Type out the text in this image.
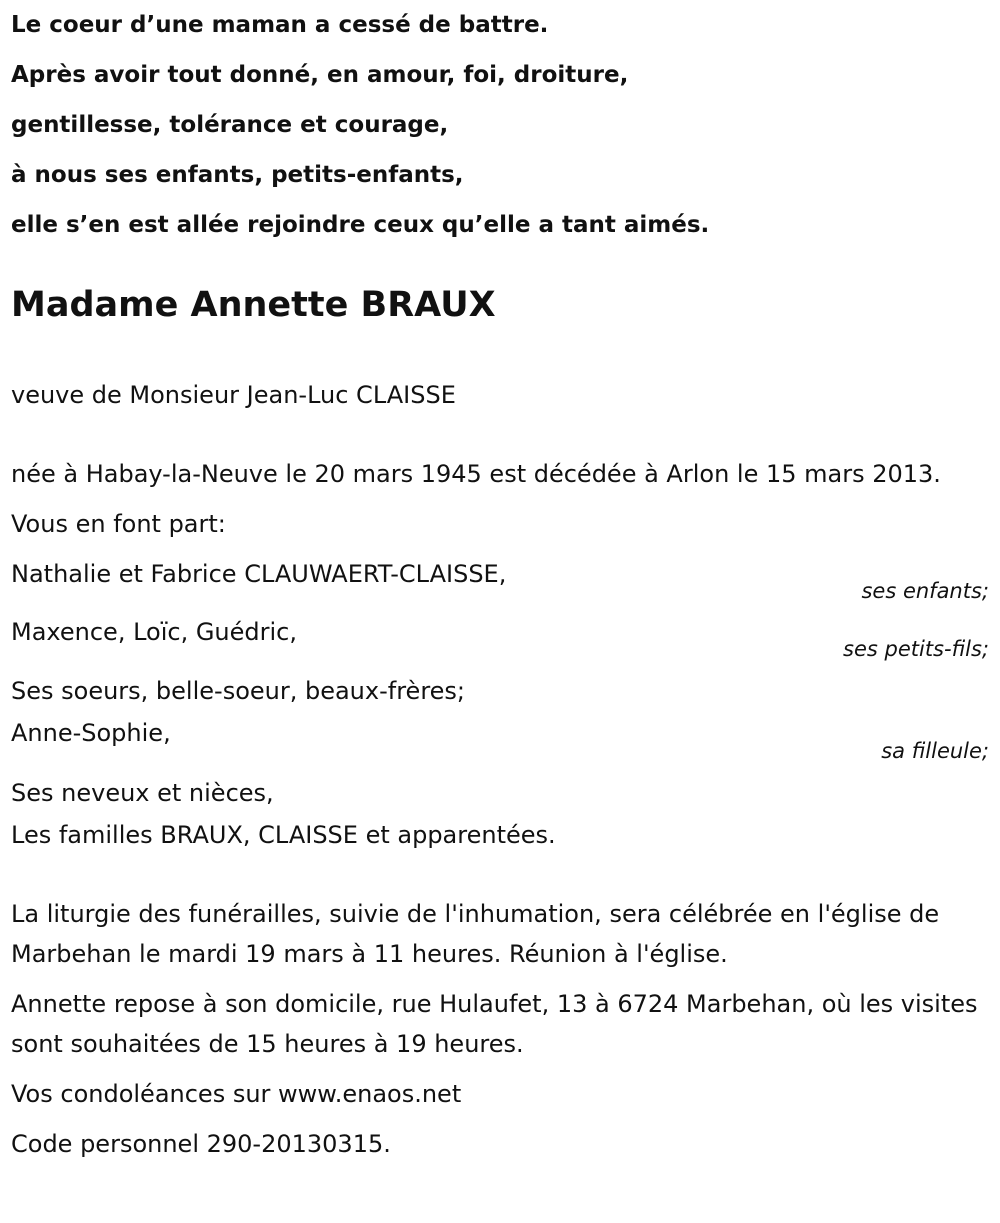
Le coeur d’une maman a cessé de battre.
Après avoir tout donné, en amour, foi, droiture,
gentillesse, tolérance et courage,
à nous ses enfants, petits-enfants,
elle s’en est allée rejoindre ceux qu’elle a tant aimés.
Madame Annette BRAUX
veuve de Monsieur Jean-Luc CLAISSE
née à Habay-la-Neuve le 20 mars 1945 est décédée à Arlon le 15 mars 2013.
Vous en font part:
Nathalie et Fabrice CLAUWAERT-CLAISSE,
ses enfants;
Maxence, Loïc, Guédric,
ses petits-fils;
Ses soeurs, belle-soeur, beaux-frères;
Anne-Sophie,
sa filleule;
Ses neveux et nièces,
Les familles BRAUX, CLAISSE et apparentées.
La liturgie des funérailles, suivie de l'inhumation, sera célébrée en l'église de Marbehan le mardi 19 mars à 11 heures. Réunion à l'église.
Annette repose à son domicile, rue Hulaufet, 13 à 6724 Marbehan, où les visites sont souhaitées de 15 heures à 19 heures.
Vos condoléances sur www.enaos.net
Code personnel 290-20130315.
